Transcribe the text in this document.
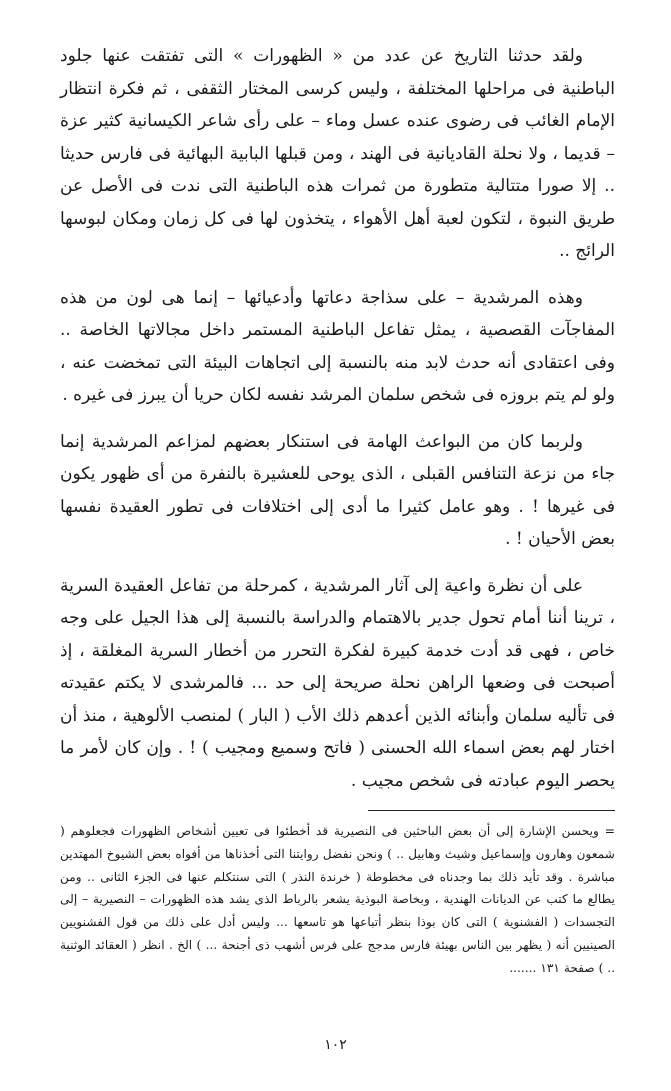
ولقد حدثنا التاريخ عن عدد من « الظهورات » التى تفتقت عنها جلود الباطنية فى مراحلها المختلفة ، وليس كرسى المختار الثقفى ، ثم فكرة انتظار الإمام الغائب فى رضوى عنده عسل وماء – على رأى شاعر الكيسانية كثير عزة – قديما ، ولا نحلة القاديانية فى الهند ، ومن قبلها البابية البهائية فى فارس حديثا .. إلا صورا متتالية متطورة من ثمرات هذه الباطنية التى ندت فى الأصل عن طريق النبوة ، لتكون لعبة أهل الأهواء ، يتخذون لها فى كل زمان ومكان لبوسها الرائج ..

وهذه المرشدية – على سذاجة دعاتها وأدعيائها – إنما هى لون من هذه المفاجآت القصصية ، يمثل تفاعل الباطنية المستمر داخل مجالاتها الخاصة .. وفى اعتقادى أنه حدث لابد منه بالنسبة إلى اتجاهات البيئة التى تمخضت عنه ، ولو لم يتم بروزه فى شخص سلمان المرشد نفسه لكان حريا أن يبرز فى غيره .

ولربما كان من البواعث الهامة فى استنكار بعضهم لمزاعم المرشدية إنما جاء من نزعة التنافس القبلى ، الذى يوحى للعشيرة بالنفرة من أى ظهور يكون فى غيرها ! . وهو عامل كثيرا ما أدى إلى اختلافات فى تطور العقيدة نفسها بعض الأحيان ! .

على أن نظرة واعية إلى آثار المرشدية ، كمرحلة من تفاعل العقيدة السرية ، ترينا أننا أمام تحول جدير بالاهتمام والدراسة بالنسبة إلى هذا الجيل على وجه خاص ، فهى قد أدت خدمة كبيرة لفكرة التحرر من أخطار السرية المغلقة ، إذ أصبحت فى وضعها الراهن نحلة صريحة إلى حد ... فالمرشدى لا يكتم عقيدته فى تأليه سلمان وأبنائه الذين أعدهم ذلك الأب ( البار ) لمنصب الألوهية ، منذ أن اختار لهم بعض اسماء الله الحسنى ( فاتح وسميع ومجيب ) ! . وإن كان لأمر ما يحصر اليوم عبادته فى شخص مجيب .

= ويحسن الإشارة إلى أن بعض الباحثين فى النصيرية قد أخطئوا فى تعيين أشخاص الظهورات فجعلوهم ( شمعون وهارون وإسماعيل وشيث وهابيل .. ) ونحن نفضل روايتنا التى أخذناها من أفواه بعض الشيوخ المهتدين مباشرة . وقد تأيد ذلك بما وجدناه فى مخطوطة ( خرندة النذر ) التى سنتكلم عنها فى الجزء الثانى .. ومن يطالع ما كتب عن الديانات الهندية ، وبخاصة البوذية يشعر بالرباط الذى يشد هذه الظهورات – النصيرية – إلى التجسدات ( الفشنوية ) التى كان بوذا بنظر أتباعها هو تاسعها ... وليس أدل على ذلك من قول الفشنويين الصينيين أنه ( يظهر بين الناس بهيئة فارس مدجج على فرس أشهب ذى أجنحة ... ) الخ . انظر ( العقائد الوثنية .. ) صفحة ١٣١ .......

١٠٢
